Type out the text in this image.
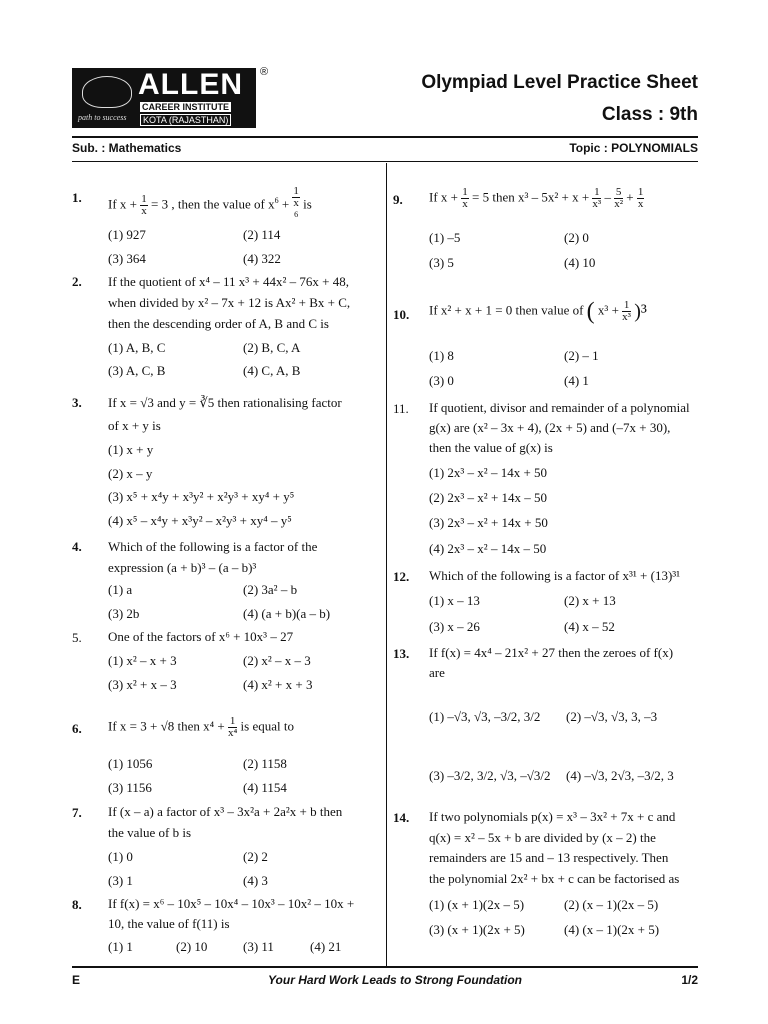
ALLEN
CAREER INSTITUTE
KOTA (RAJASTHAN)
path to success
®	Olympiad Level Practice Sheet
Class : 9th
Sub. : Mathematics	Topic : POLYNOMIALS
1. If $x + \frac{1}{x} = 3$ , then the value of $x^6 + 1$
x
$^6$ is
(1) 927	(2) 114
(3) 364	(4) 322
2. If the quotient of x⁴ – 11 x³ + 44x² – 76x + 48,
when divided by x² – 7x + 12 is Ax² + Bx + C,
then the descending order of A, B and C is
(1) A, B, C	(2) B, C, A
(3) A, C, B	(4) C, A, B
3. If x = √3 and y = ∛5 then rationalising factor
of x + y is
(1) x + y
(2) x – y
(3) x⁵ + x⁴y + x³y² + x²y³ + xy⁴ + y⁵
(4) x⁵ – x⁴y + x³y² – x²y³ + xy⁴ – y⁵
4. Which of the following is a factor of the
expression (a + b)³ – (a – b)³
(1) a	(2) 3a² – b
(3) 2b	(4) (a + b)(a – b)
5. One of the factors of x⁶ + 10x³ – 27
(1) x² – x + 3	(2) x² – x – 3
(3) x² + x – 3	(4) x² + x + 3
6. If x = 3 + √8 then $x^4 + \frac{1}{\text{x⁴}}$ is equal to
(1) 1056	(2) 1158
(3) 1156	(4) 1154
7. If (x – a) a factor of x³ – 3x²a + 2a²x + b then
the value of b is
(1) 0	(2) 2
(3) 1	(4) 3
8. If f(x) = x⁶ – 10x⁵ – 10x⁴ – 10x³ – 10x² – 10x +
10, the value of f(11) is
(1) 1	(2) 10	(3) 11	(4) 21
9. If $x + \frac{1}{x} = 5$ then $x^3 - 5x^2 + x + \frac{1}{\text{x³}} - \frac{5}{\text{x²}} + \frac{1}{x}$
(1) –5	(2) 0
(3) 5	(4) 10
10. If x² + x + 1 = 0 then value of ( $x^3 + \frac{1}{\text{x³}} )^3$
(1) 8	(2) – 1
(3) 0	(4) 1
11. If quotient, divisor and remainder of a polynomial
g(x) are (x² – 3x + 4), (2x + 5) and (–7x + 30),
then the value of g(x) is
(1) 2x³ – x² – 14x + 50
(2) 2x³ – x² + 14x – 50
(3) 2x³ – x² + 14x + 50
(4) 2x³ – x² – 14x – 50
12. Which of the following is a factor of x³¹ + (13)³¹
(1) x – 13	(2) x + 13
(3) x – 26	(4) x – 52
13. If f(x) = 4x⁴ – 21x² + 27 then the zeroes of f(x)
are
(1) –√3, √3, –3/2, 3/2 (2) –√3, √3, 3, –3
(3) –3/2, 3/2, √3, –√3/2 (4) –√3, 2√3, –3/2, 3
14. If two polynomials p(x) = x³ – 3x² + 7x + c and
q(x) = x² – 5x + b are divided by (x – 2) the
remainders are 15 and – 13 respectively. Then
the polynomial 2x² + bx + c can be factorised as
(1) (x + 1)(2x – 5)	(2) (x – 1)(2x – 5)
(3) (x + 1)(2x + 5)	(4) (x – 1)(2x + 5)
E	Your Hard Work Leads to Strong Foundation	1/2
